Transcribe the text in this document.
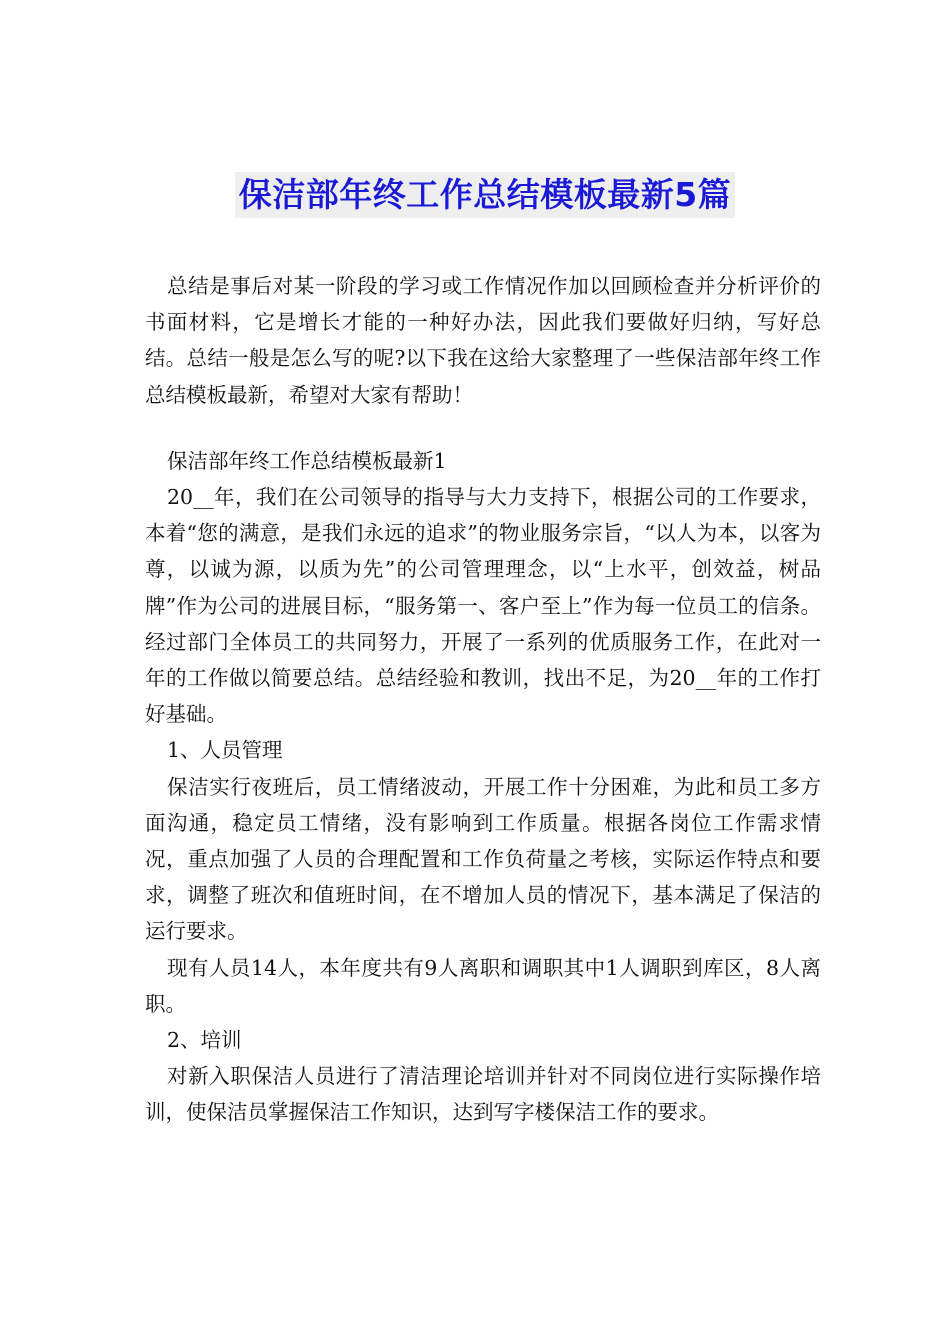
保洁部年终工作总结模板最新5篇

总结是事后对某一阶段的学习或工作情况作加以回顾检查并分析评价的书面材料，它是增长才能的一种好办法，因此我们要做好归纳，写好总结。总结一般是怎么写的呢?以下我在这给大家整理了一些保洁部年终工作总结模板最新，希望对大家有帮助！

保洁部年终工作总结模板最新1

20__年，我们在公司领导的指导与大力支持下，根据公司的工作要求，本着“您的满意，是我们永远的追求”的物业服务宗旨，“以人为本，以客为尊，以诚为源，以质为先”的公司管理理念，以“上水平，创效益，树品牌”作为公司的进展目标，“服务第一、客户至上”作为每一位员工的信条。经过部门全体员工的共同努力，开展了一系列的优质服务工作，在此对一年的工作做以简要总结。总结经验和教训，找出不足，为20__年的工作打好基础。

1、人员管理

保洁实行夜班后，员工情绪波动，开展工作十分困难，为此和员工多方面沟通，稳定员工情绪，没有影响到工作质量。根据各岗位工作需求情况，重点加强了人员的合理配置和工作负荷量之考核，实际运作特点和要求，调整了班次和值班时间，在不增加人员的情况下，基本满足了保洁的运行要求。

现有人员14人，本年度共有9人离职和调职其中1人调职到库区，8人离职。

2、培训

对新入职保洁人员进行了清洁理论培训并针对不同岗位进行实际操作培训，使保洁员掌握保洁工作知识，达到写字楼保洁工作的要求。
